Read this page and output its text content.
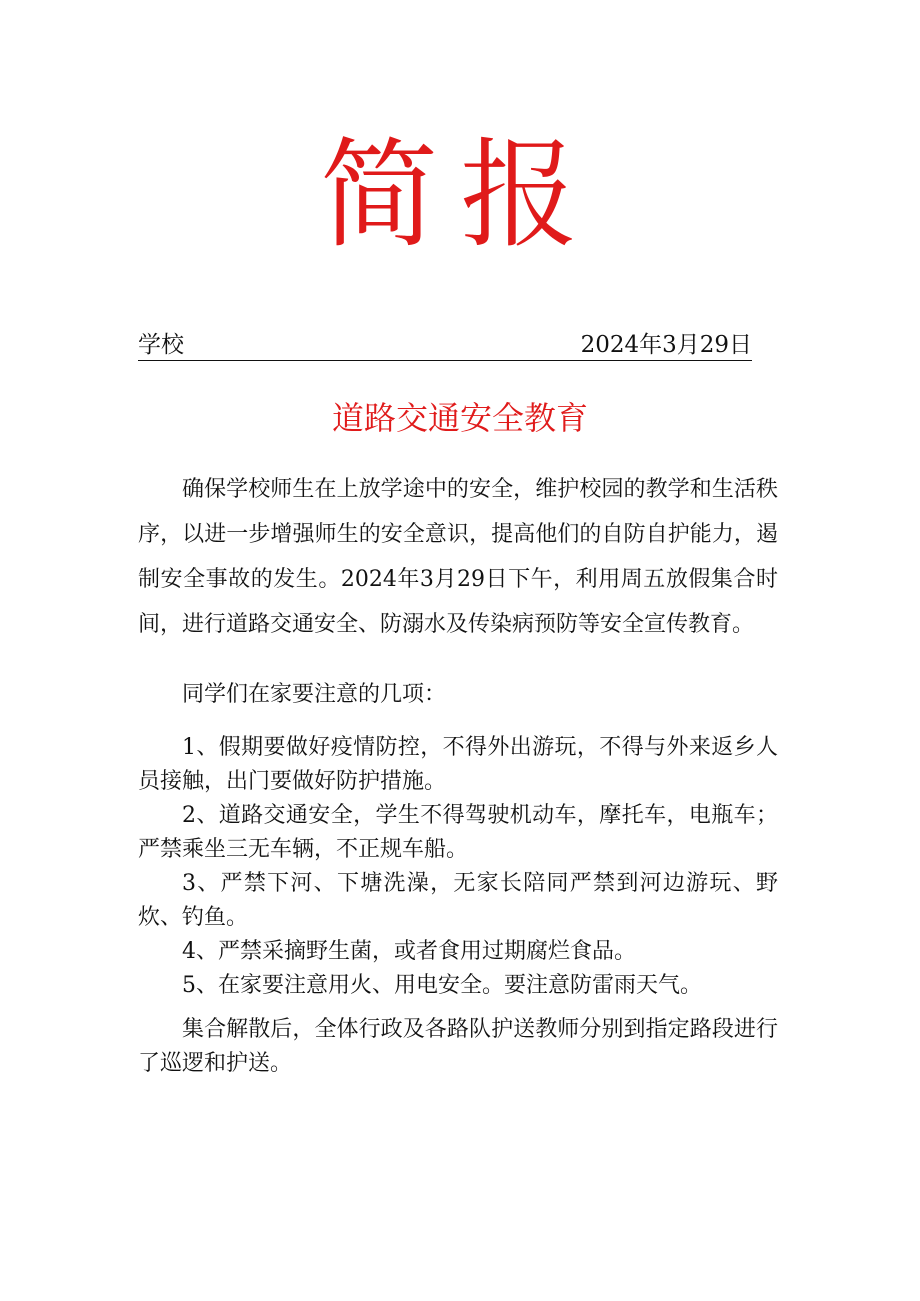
简报
学校	2024年3月29日
道路交通安全教育

确保学校师生在上放学途中的安全，维护校园的教学和生活秩序，以进一步增强师生的安全意识，提高他们的自防自护能力，遏制安全事故的发生。2024年3月29日下午，利用周五放假集合时间，进行道路交通安全、防溺水及传染病预防等安全宣传教育。

同学们在家要注意的几项：

1、假期要做好疫情防控，不得外出游玩，不得与外来返乡人员接触，出门要做好防护措施。
2、道路交通安全，学生不得驾驶机动车，摩托车，电瓶车；严禁乘坐三无车辆，不正规车船。
3、严禁下河、下塘洗澡，无家长陪同严禁到河边游玩、野炊、钓鱼。
4、严禁采摘野生菌，或者食用过期腐烂食品。
5、在家要注意用火、用电安全。要注意防雷雨天气。

集合解散后，全体行政及各路队护送教师分别到指定路段进行了巡逻和护送。
